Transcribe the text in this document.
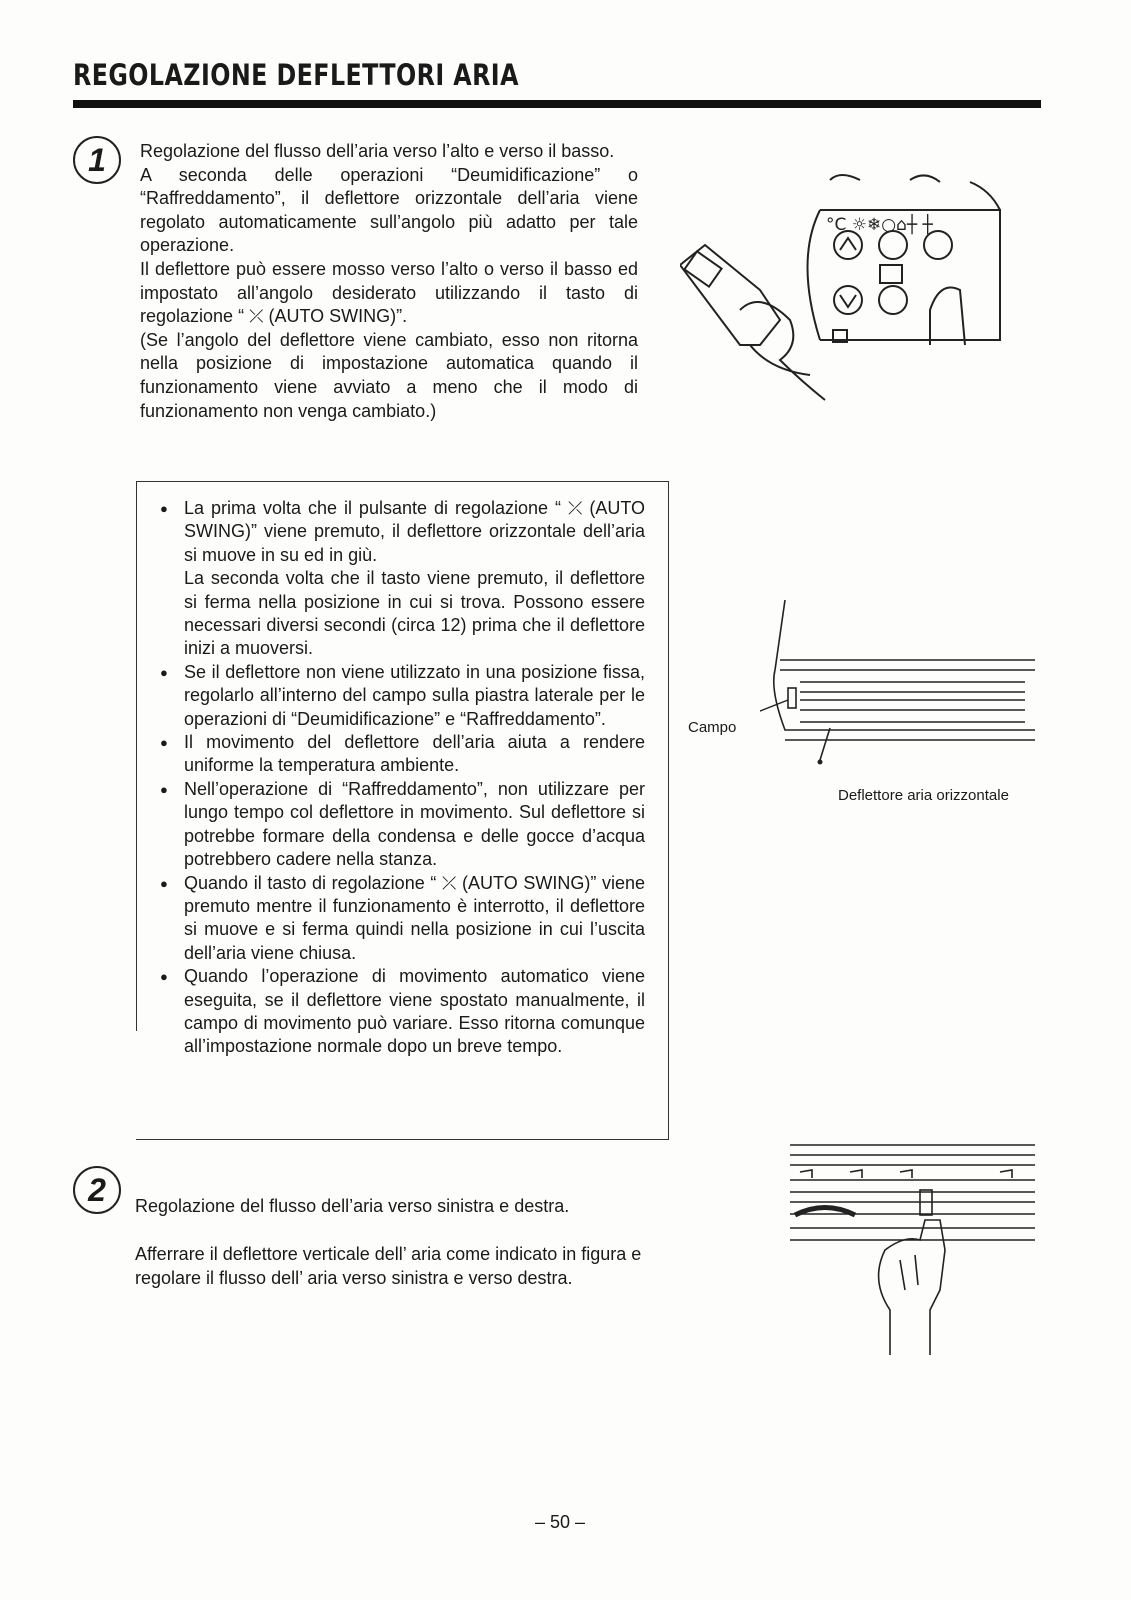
REGOLAZIONE DEFLETTORI ARIA
1	Regolazione del flusso dell’aria verso l’alto e verso il basso.

A seconda delle operazioni “Deumidificazione” o “Raffreddamento”, il deflettore orizzontale dell’aria viene regolato automaticamente sull’angolo più adatto per tale operazione.

Il deflettore può essere mosso verso l’alto o verso il basso ed impostato all’angolo desiderato utilizzando il tasto di regolazione “ ⤫ (AUTO SWING)”.

(Se l’angolo del deflettore viene cambiato, esso non ritorna nella posizione di impostazione automatica quando il funzionamento viene avviato a meno che il modo di funzionamento non venga cambiato.)

°C ☼❄○⌂┼ ┼
● La prima volta che il pulsante di regolazione “ ⤫ (AUTO SWING)” viene premuto, il deflettore orizzontale dell’aria si muove in su ed in giù.
La seconda volta che il tasto viene premuto, il deflettore si ferma nella posizione in cui si trova. Possono essere necessari diversi secondi (circa 12) prima che il deflettore inizi a muoversi.
● Se il deflettore non viene utilizzato in una posizione fissa, regolarlo all’interno del campo sulla piastra laterale per le operazioni di “Deumidificazione” e “Raffreddamento”.
● Il movimento del deflettore dell’aria aiuta a rendere uniforme la temperatura ambiente.
● Nell’operazione di “Raffreddamento”, non utilizzare per lungo tempo col deflettore in movimento. Sul deflettore si potrebbe formare della condensa e delle gocce d’acqua potrebbero cadere nella stanza.
● Quando il tasto di regolazione “ ⤫ (AUTO SWING)” viene premuto mentre il funzionamento è interrotto, il deflettore si muove e si ferma quindi nella posizione in cui l’uscita dell’aria viene chiusa.
● Quando l’operazione di movimento automatico viene eseguita, se il deflettore viene spostato manualmente, il campo di movimento può variare. Esso ritorna comunque all’impostazione normale dopo un breve tempo.
Campo
Deflettore aria orizzontale
2	Regolazione del flusso dell’aria verso sinistra e destra.
Afferrare il deflettore verticale dell’ aria come indicato in figura e regolare il flusso dell’ aria verso sinistra e verso destra.
– 50 –
